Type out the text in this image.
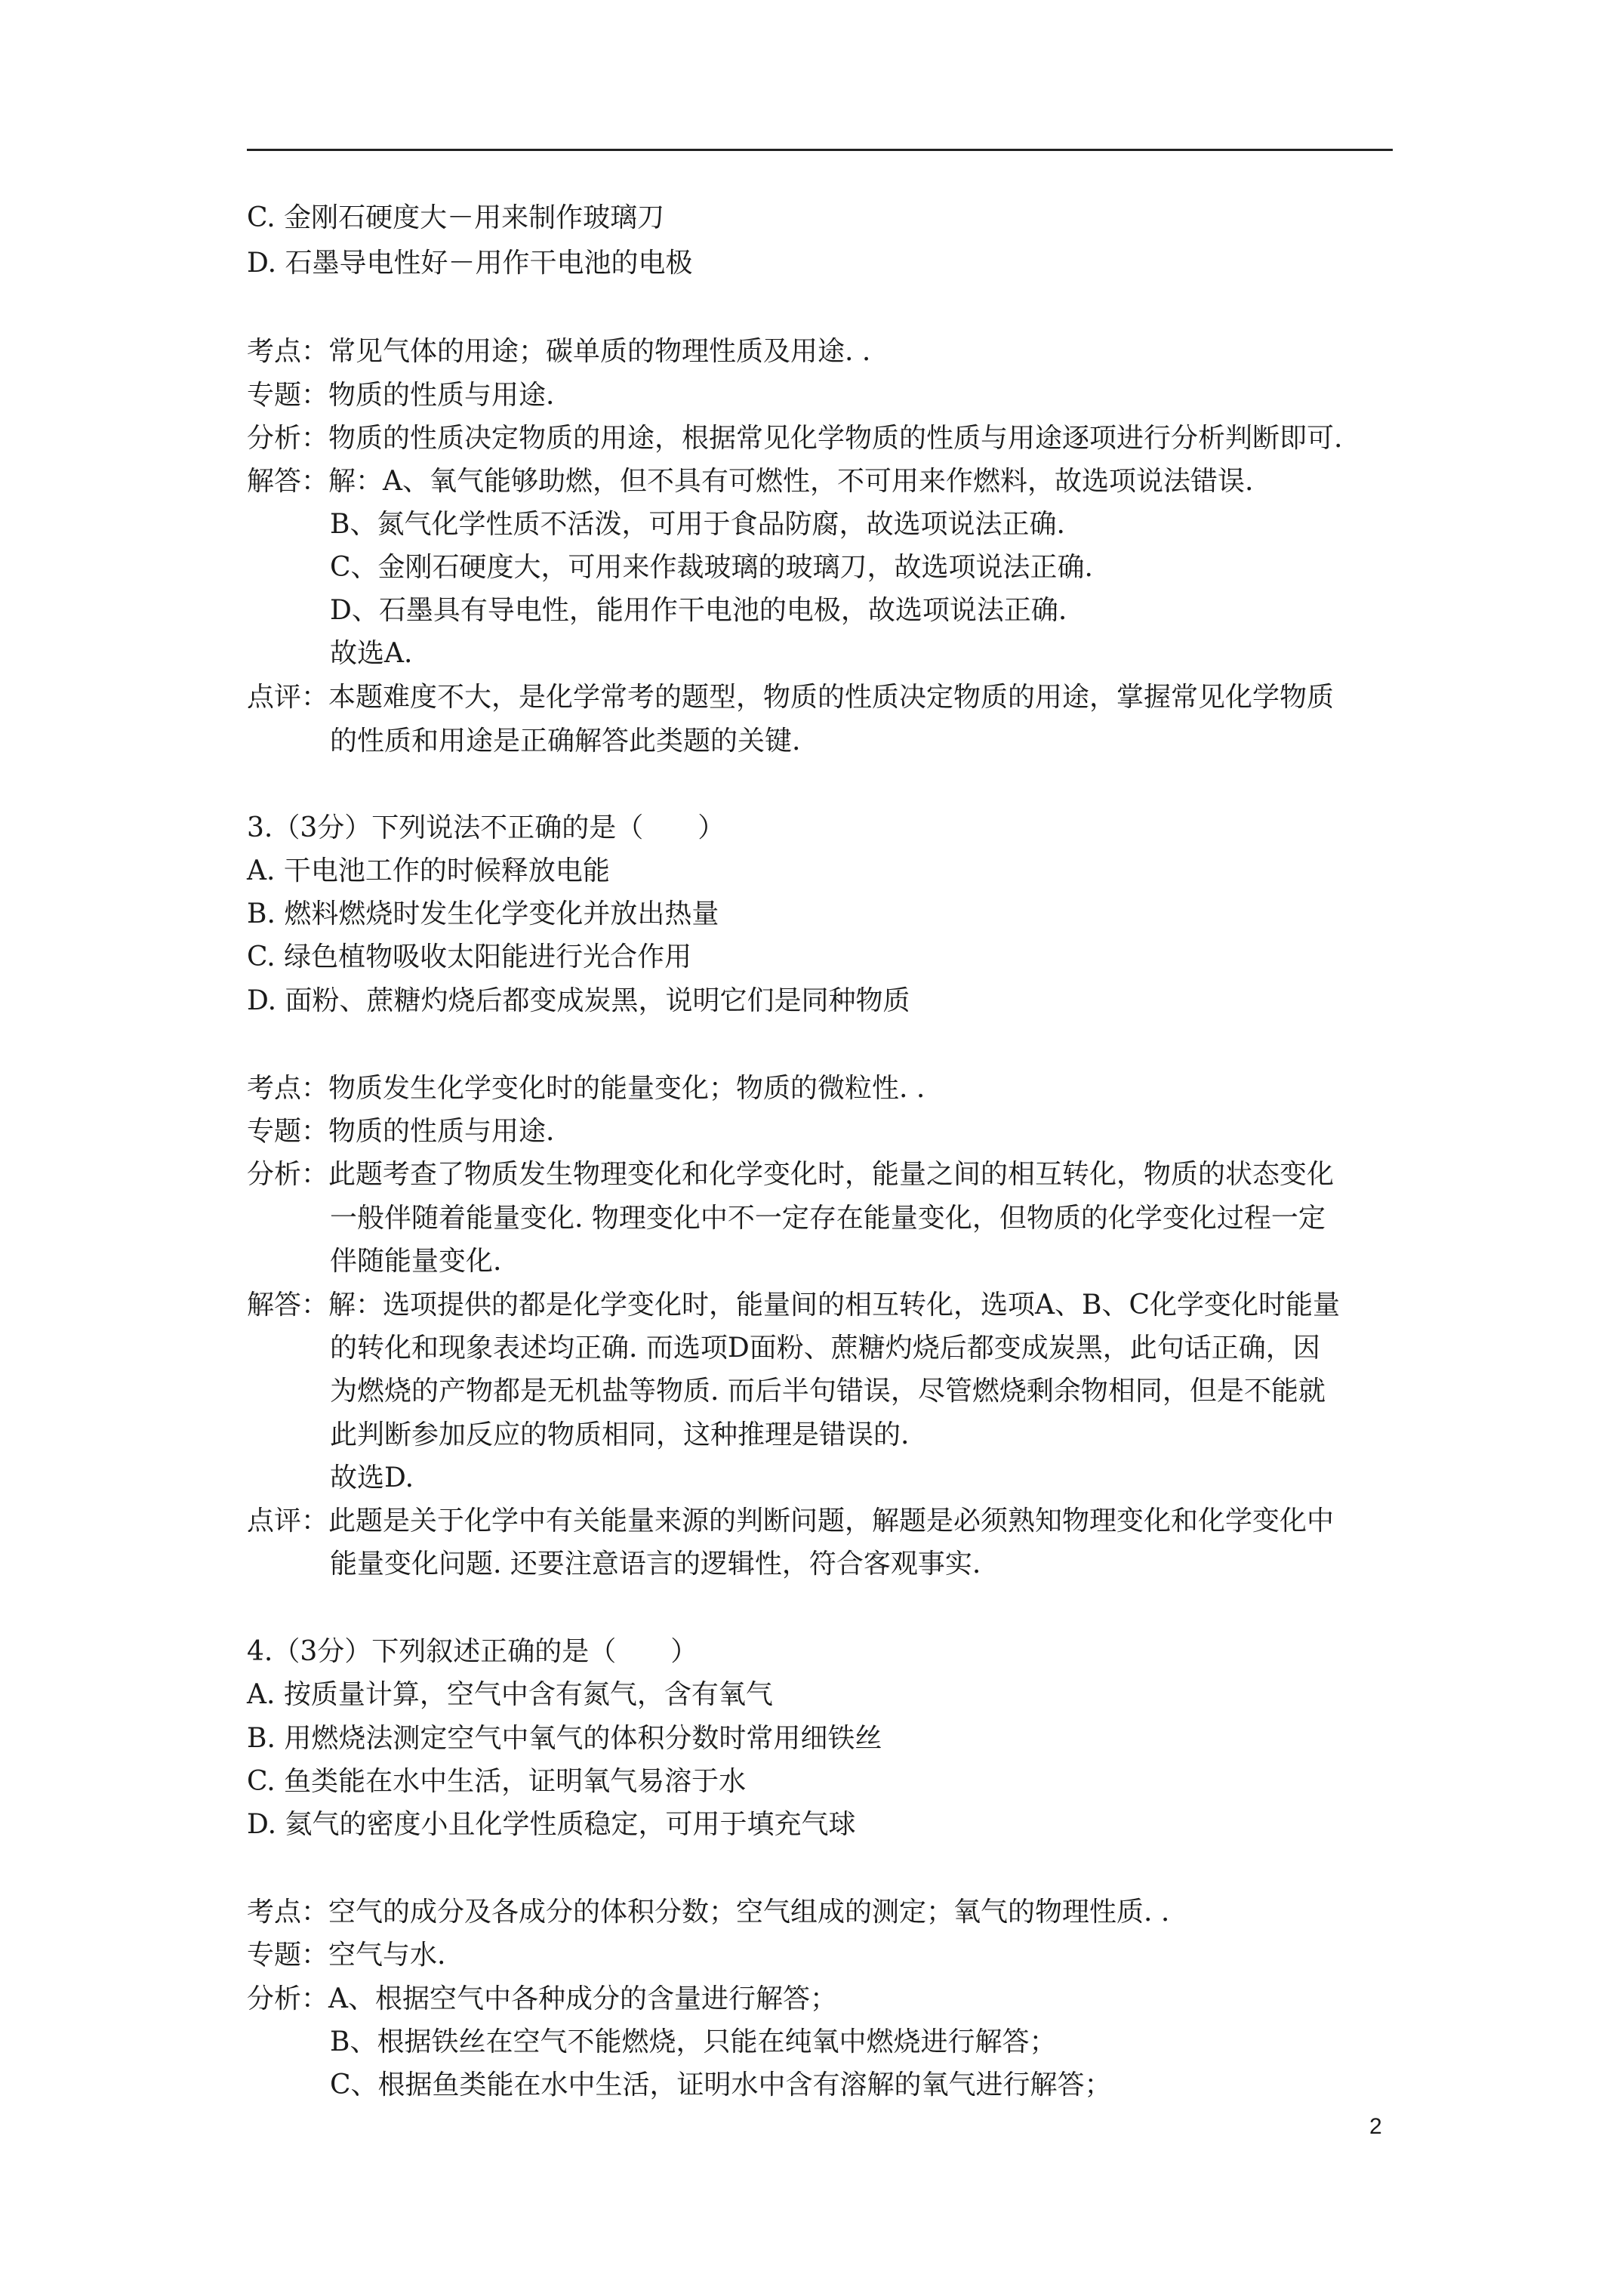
C. 金刚石硬度大－用来制作玻璃刀
D. 石墨导电性好－用作干电池的电极
考点：常见气体的用途；碳单质的物理性质及用途. .
专题：物质的性质与用途.
分析：物质的性质决定物质的用途，根据常见化学物质的性质与用途逐项进行分析判断即可.
解答：解：A、氧气能够助燃，但不具有可燃性，不可用来作燃料，故选项说法错误.
B、氮气化学性质不活泼，可用于食品防腐，故选项说法正确.
C、金刚石硬度大，可用来作裁玻璃的玻璃刀，故选项说法正确.
D、石墨具有导电性，能用作干电池的电极，故选项说法正确.
故选A.
点评：本题难度不大，是化学常考的题型，物质的性质决定物质的用途，掌握常见化学物质
的性质和用途是正确解答此类题的关键.
3.（3分）下列说法不正确的是（　　）
A. 干电池工作的时候释放电能
B. 燃料燃烧时发生化学变化并放出热量
C. 绿色植物吸收太阳能进行光合作用
D. 面粉、蔗糖灼烧后都变成炭黑，说明它们是同种物质
考点：物质发生化学变化时的能量变化；物质的微粒性. .
专题：物质的性质与用途.
分析：此题考查了物质发生物理变化和化学变化时，能量之间的相互转化，物质的状态变化
一般伴随着能量变化. 物理变化中不一定存在能量变化，但物质的化学变化过程一定
伴随能量变化.
解答：解：选项提供的都是化学变化时，能量间的相互转化，选项A、B、C化学变化时能量
的转化和现象表述均正确. 而选项D面粉、蔗糖灼烧后都变成炭黑，此句话正确，因
为燃烧的产物都是无机盐等物质. 而后半句错误，尽管燃烧剩余物相同，但是不能就
此判断参加反应的物质相同，这种推理是错误的.
故选D.
点评：此题是关于化学中有关能量来源的判断问题，解题是必须熟知物理变化和化学变化中
能量变化问题. 还要注意语言的逻辑性，符合客观事实.
4.（3分）下列叙述正确的是（　　）
A. 按质量计算，空气中含有氮气，含有氧气
B. 用燃烧法测定空气中氧气的体积分数时常用细铁丝
C. 鱼类能在水中生活，证明氧气易溶于水
D. 氦气的密度小且化学性质稳定，可用于填充气球
考点：空气的成分及各成分的体积分数；空气组成的测定；氧气的物理性质. .
专题：空气与水.
分析：A、根据空气中各种成分的含量进行解答；
B、根据铁丝在空气不能燃烧，只能在纯氧中燃烧进行解答；
C、根据鱼类能在水中生活，证明水中含有溶解的氧气进行解答；
2
